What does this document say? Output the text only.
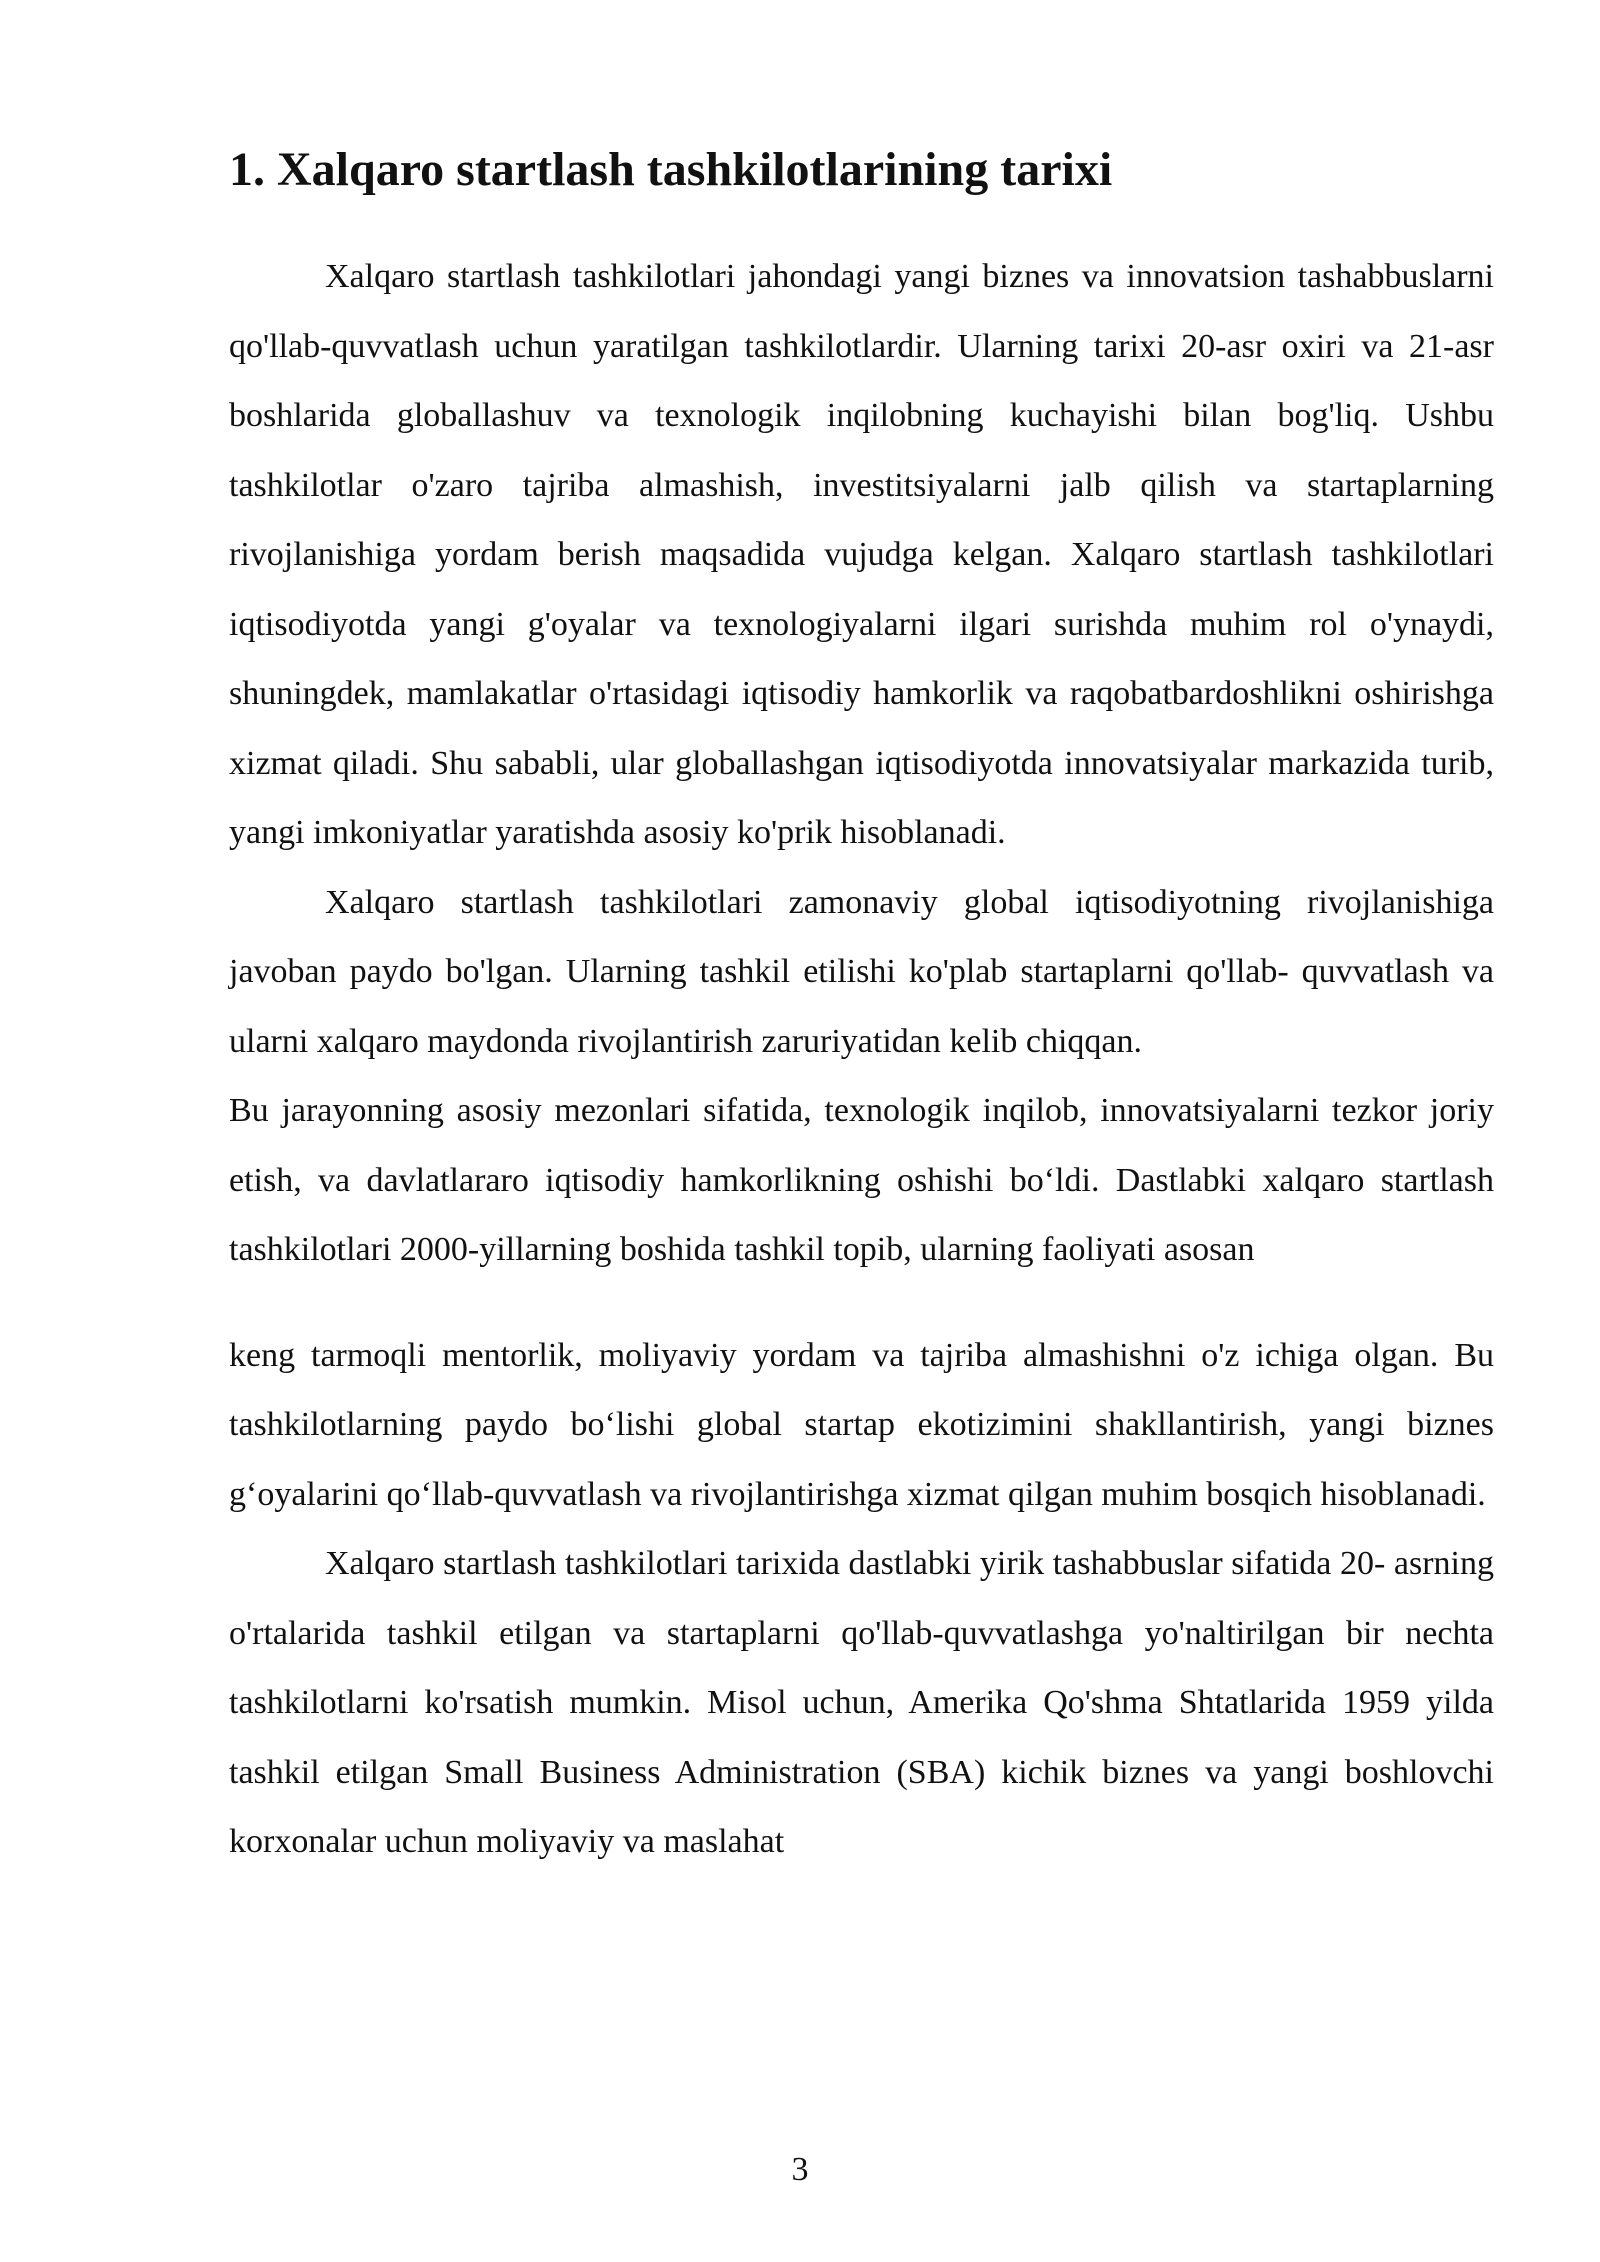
1. Xalqaro startlash tashkilotlarining tarixi

Xalqaro startlash tashkilotlari jahondagi yangi biznes va innovatsion tashabbuslarni qo'llab-quvvatlash uchun yaratilgan tashkilotlardir. Ularning tarixi 20-asr oxiri va 21-asr boshlarida globallashuv va texnologik inqilobning kuchayishi bilan bog'liq. Ushbu tashkilotlar o'zaro tajriba almashish, investitsiyalarni jalb qilish va startaplarning rivojlanishiga yordam berish maqsadida vujudga kelgan. Xalqaro startlash tashkilotlari iqtisodiyotda yangi g'oyalar va texnologiyalarni ilgari surishda muhim rol o'ynaydi, shuningdek, mamlakatlar o'rtasidagi iqtisodiy hamkorlik va raqobatbardoshlikni oshirishga xizmat qiladi. Shu sababli, ular globallashgan iqtisodiyotda innovatsiyalar markazida turib, yangi imkoniyatlar yaratishda asosiy ko'prik hisoblanadi.

Xalqaro startlash tashkilotlari zamonaviy global iqtisodiyotning rivojlanishiga javoban paydo bo'lgan. Ularning tashkil etilishi ko'plab startaplarni qo'llab- quvvatlash va ularni xalqaro maydonda rivojlantirish zaruriyatidan kelib chiqqan.

Bu jarayonning asosiy mezonlari sifatida, texnologik inqilob, innovatsiyalarni tezkor joriy etish, va davlatlararo iqtisodiy hamkorlikning oshishi boʻldi. Dastlabki xalqaro startlash tashkilotlari 2000-yillarning boshida tashkil topib, ularning faoliyati asosan

keng tarmoqli mentorlik, moliyaviy yordam va tajriba almashishni o'z ichiga olgan. Bu tashkilotlarning paydo boʻlishi global startap ekotizimini shakllantirish, yangi biznes gʻoyalarini qoʻllab-quvvatlash va rivojlantirishga xizmat qilgan muhim bosqich hisoblanadi.

Xalqaro startlash tashkilotlari tarixida dastlabki yirik tashabbuslar sifatida 20- asrning o'rtalarida tashkil etilgan va startaplarni qo'llab-quvvatlashga yo'naltirilgan bir nechta tashkilotlarni ko'rsatish mumkin. Misol uchun, Amerika Qo'shma Shtatlarida 1959 yilda tashkil etilgan Small Business Administration (SBA) kichik biznes va yangi boshlovchi korxonalar uchun moliyaviy va maslahat

3
